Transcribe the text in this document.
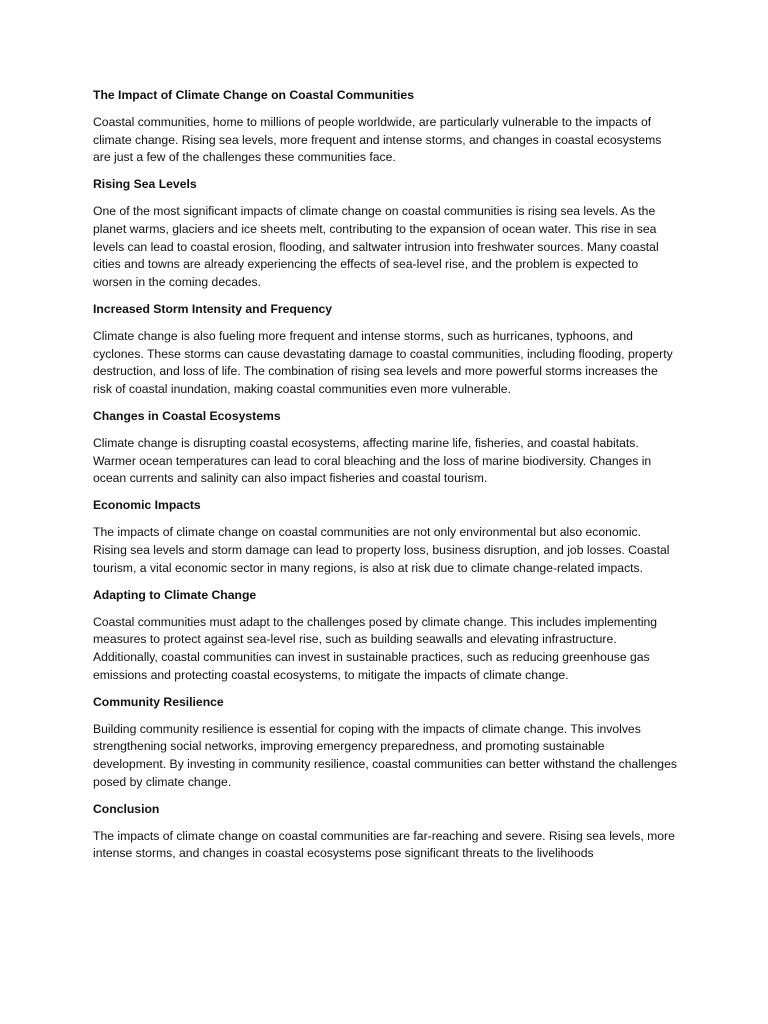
The Impact of Climate Change on Coastal Communities

Coastal communities, home to millions of people worldwide, are particularly vulnerable to the impacts of climate change. Rising sea levels, more frequent and intense storms, and changes in coastal ecosystems are just a few of the challenges these communities face.

Rising Sea Levels

One of the most significant impacts of climate change on coastal communities is rising sea levels. As the planet warms, glaciers and ice sheets melt, contributing to the expansion of ocean water. This rise in sea levels can lead to coastal erosion, flooding, and saltwater intrusion into freshwater sources. Many coastal cities and towns are already experiencing the effects of sea-level rise, and the problem is expected to worsen in the coming decades.

Increased Storm Intensity and Frequency

Climate change is also fueling more frequent and intense storms, such as hurricanes, typhoons, and cyclones. These storms can cause devastating damage to coastal communities, including flooding, property destruction, and loss of life. The combination of rising sea levels and more powerful storms increases the risk of coastal inundation, making coastal communities even more vulnerable.

Changes in Coastal Ecosystems

Climate change is disrupting coastal ecosystems, affecting marine life, fisheries, and coastal habitats. Warmer ocean temperatures can lead to coral bleaching and the loss of marine biodiversity. Changes in ocean currents and salinity can also impact fisheries and coastal tourism.

Economic Impacts

The impacts of climate change on coastal communities are not only environmental but also economic. Rising sea levels and storm damage can lead to property loss, business disruption, and job losses. Coastal tourism, a vital economic sector in many regions, is also at risk due to climate change-related impacts.

Adapting to Climate Change

Coastal communities must adapt to the challenges posed by climate change. This includes implementing measures to protect against sea-level rise, such as building seawalls and elevating infrastructure. Additionally, coastal communities can invest in sustainable practices, such as reducing greenhouse gas emissions and protecting coastal ecosystems, to mitigate the impacts of climate change.

Community Resilience

Building community resilience is essential for coping with the impacts of climate change. This involves strengthening social networks, improving emergency preparedness, and promoting sustainable development. By investing in community resilience, coastal communities can better withstand the challenges posed by climate change.

Conclusion

The impacts of climate change on coastal communities are far-reaching and severe. Rising sea levels, more intense storms, and changes in coastal ecosystems pose significant threats to the livelihoods
